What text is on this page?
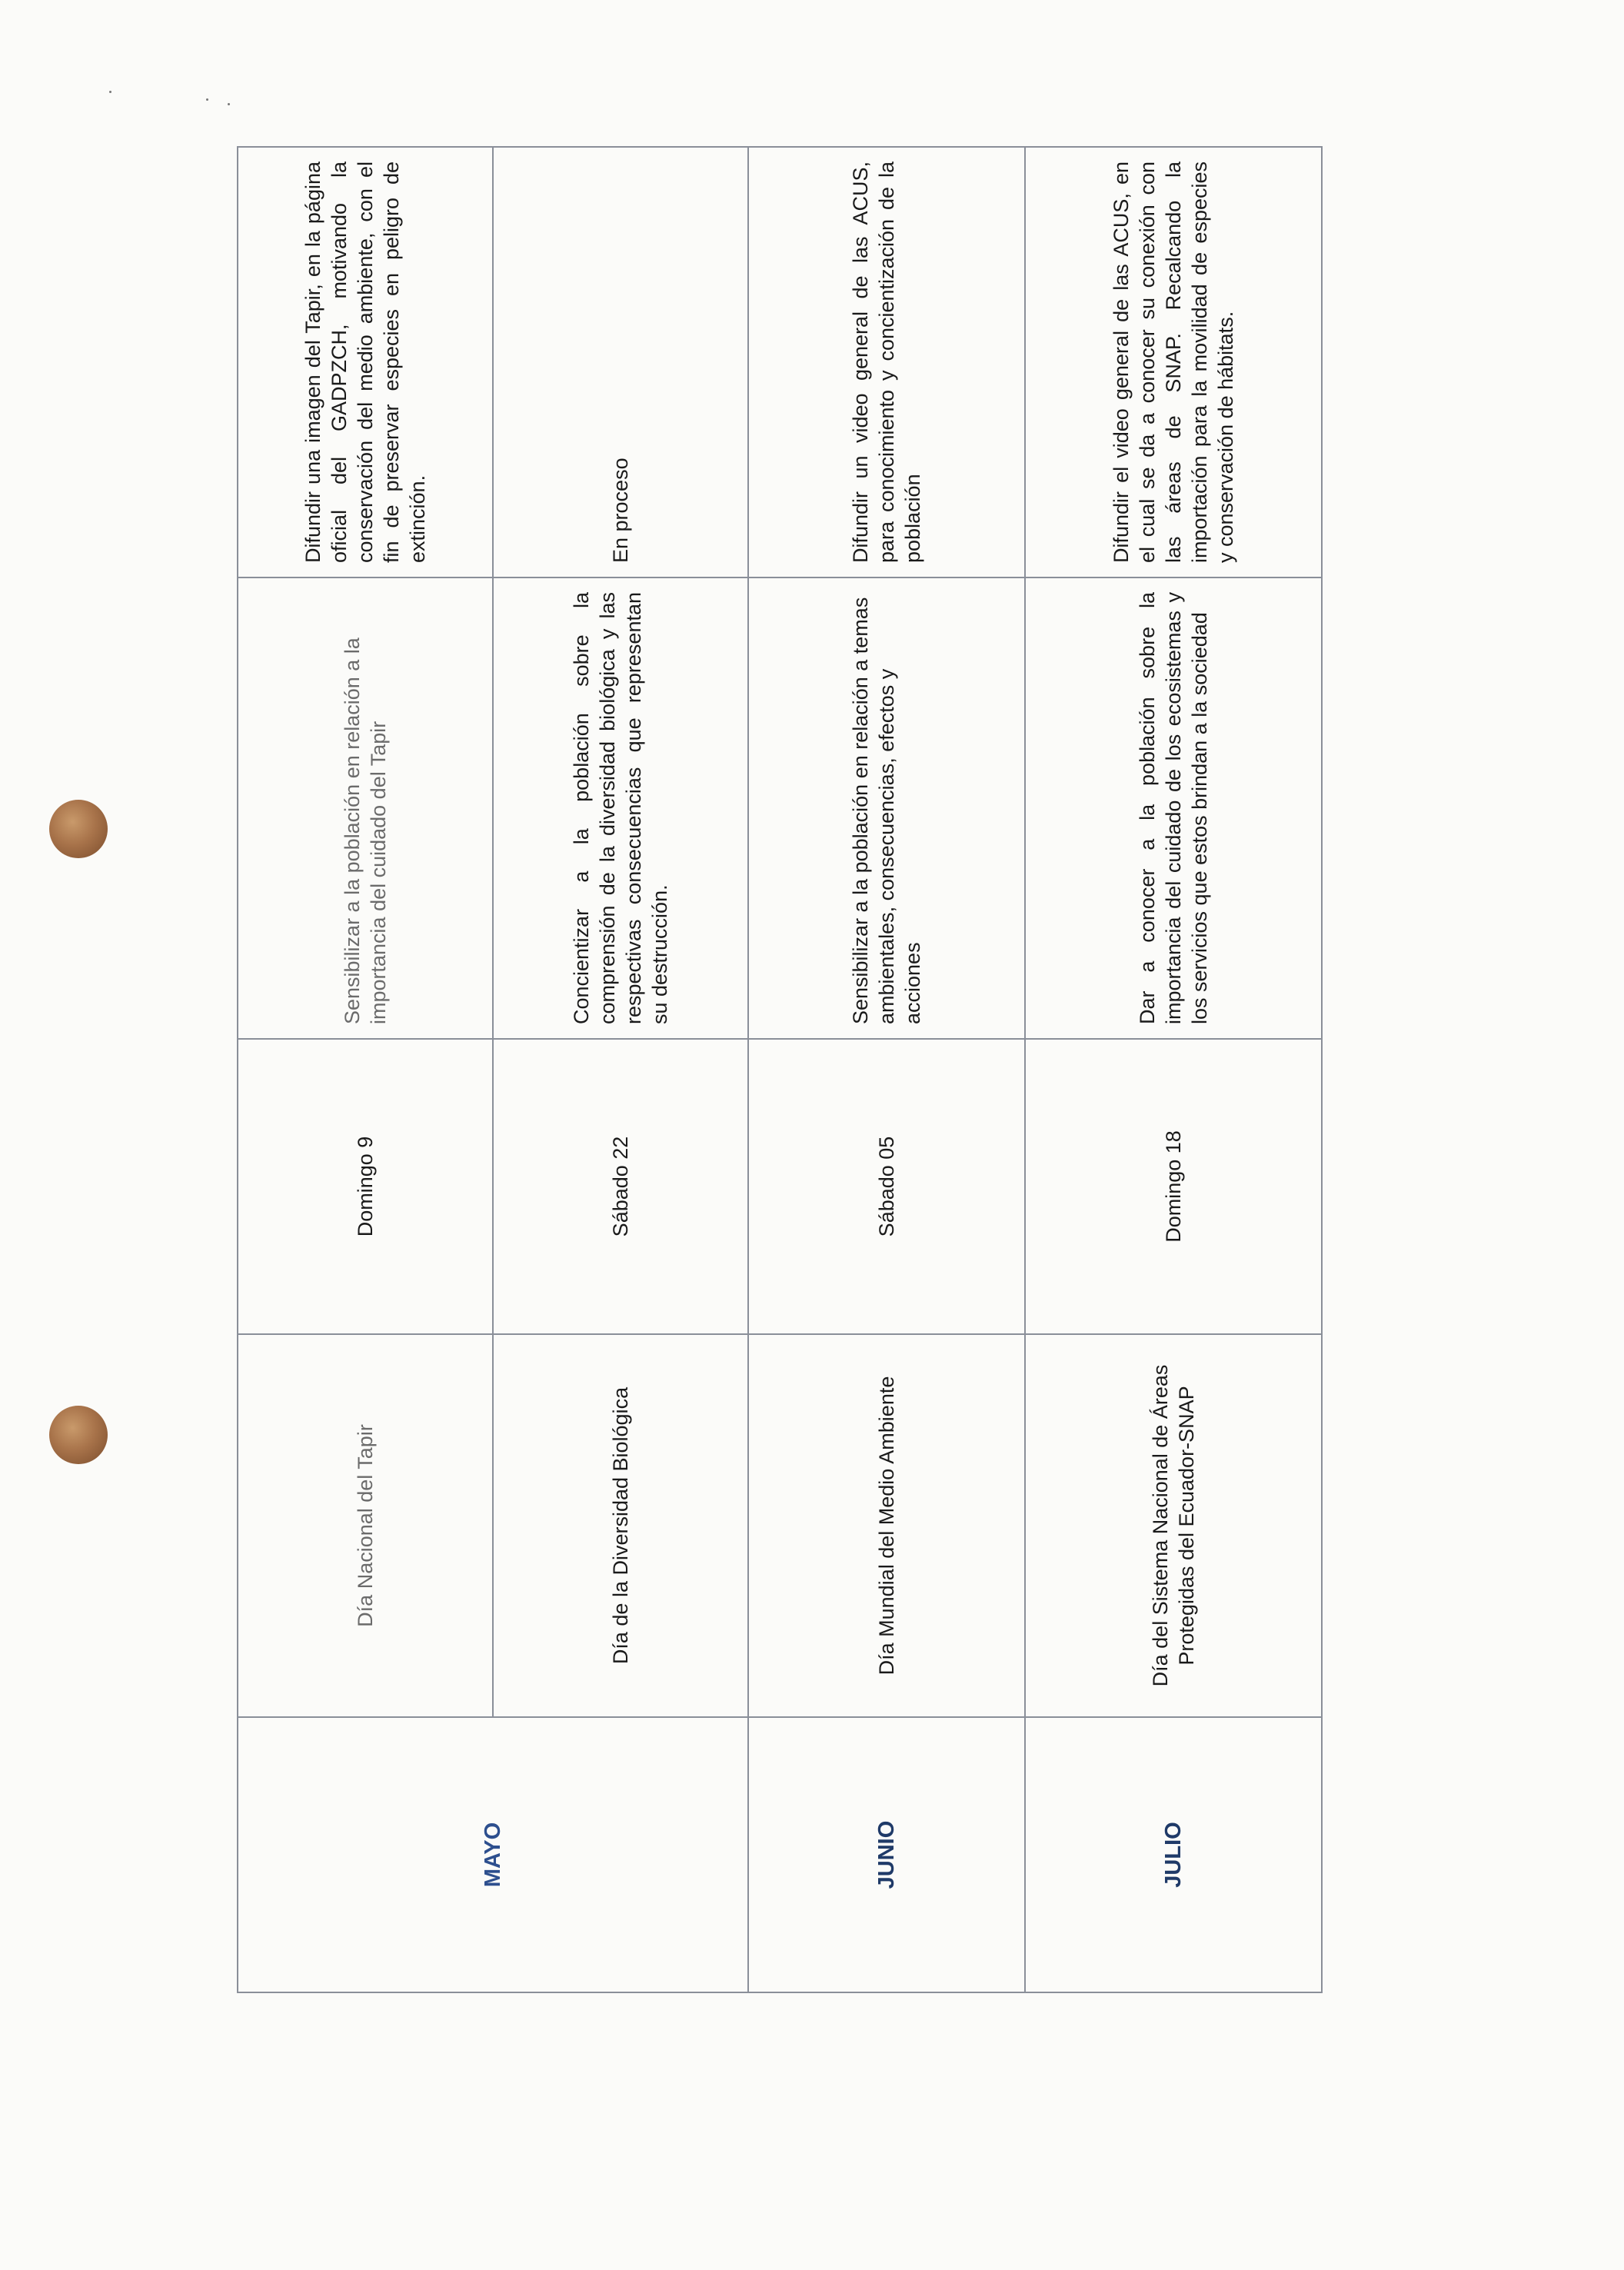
MAYO	Día Nacional del Tapir	Domingo 9	Sensibilizar a la población en relación a la importancia del cuidado del Tapir	Difundir una imagen del Tapir, en la página oficial del GADPZCH, motivando la conservación del medio ambiente, con el fin de preservar especies en peligro de extinción.
	Día de la Diversidad Biológica	Sábado 22	Concientizar a la población sobre la comprensión de la diversidad biológica y las respectivas consecuencias que representan su destrucción.	En proceso
JUNIO	Día Mundial del Medio Ambiente	Sábado 05	Sensibilizar a la población en relación a temas ambientales, consecuencias, efectos y acciones	Difundir un video general de las ACUS, para conocimiento y concientización de la población
JULIO	Día del Sistema Nacional de Áreas Protegidas del Ecuador-SNAP	Domingo 18	Dar a conocer a la población sobre la importancia del cuidado de los ecosistemas y los servicios que estos brindan a la sociedad	Difundir el video general de las ACUS, en el cual se da a conocer su conexión con las áreas de SNAP. Recalcando la importación para la movilidad de especies y conservación de hábitats.
